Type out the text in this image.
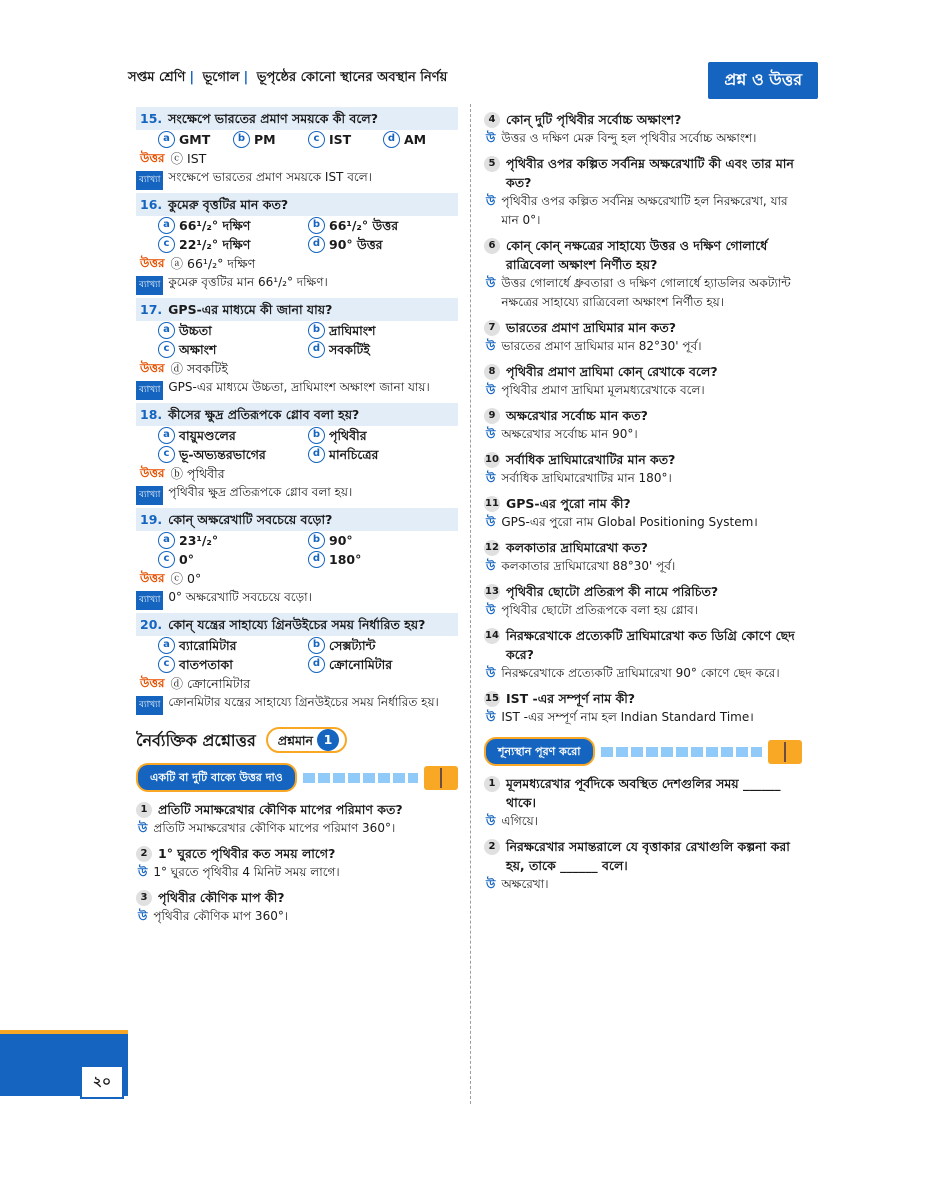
সপ্তম শ্রেণি | ভূগোল | ভূপৃষ্ঠের কোনো স্থানের অবস্থান নির্ণয়	প্রশ্ন ও উত্তর
15. সংক্ষেপে ভারতের প্রমাণ সময়কে কী বলে?
a GMT	b PM	c IST	d AM
উত্তর ⓒ IST
ব্যাখ্যা সংক্ষেপে ভারতের প্রমাণ সময়কে IST বলে।
16. কুমেরু বৃত্তটির মান কত?
a 66¹/₂° দক্ষিণ	b 66¹/₂° উত্তর
c 22¹/₂° দক্ষিণ	d 90° উত্তর
উত্তর ⓐ 66¹/₂° দক্ষিণ
ব্যাখ্যা কুমেরু বৃত্তটির মান 66¹/₂° দক্ষিণ।
17. GPS-এর মাধ্যমে কী জানা যায়?
a উচ্চতা	b দ্রাঘিমাংশ
c অক্ষাংশ	d সবকটিই
উত্তর ⓓ সবকটিই
ব্যাখ্যা GPS-এর মাধ্যমে উচ্চতা, দ্রাঘিমাংশ অক্ষাংশ জানা যায়।
18. কীসের ক্ষুদ্র প্রতিরূপকে গ্লোব বলা হয়?
a বায়ুমণ্ডলের	b পৃথিবীর
c ভূ-অভ্যন্তরভাগের	d মানচিত্রের
উত্তর ⓑ পৃথিবীর
ব্যাখ্যা পৃথিবীর ক্ষুদ্র প্রতিরূপকে গ্লোব বলা হয়।
19. কোন্ অক্ষরেখাটি সবচেয়ে বড়ো?
a 23¹/₂°	b 90°
c 0°	d 180°
উত্তর ⓒ 0°
ব্যাখ্যা 0° অক্ষরেখাটি সবচেয়ে বড়ো।
20. কোন্ যন্ত্রের সাহায্যে গ্রিনউইচের সময় নির্ধারিত হয়?
a ব্যারোমিটার	b সেক্সট্যান্ট
c বাতপতাকা	d ক্রোনোমিটার
উত্তর ⓓ ক্রোনোমিটার
ব্যাখ্যা ক্রোনমিটার যন্ত্রের সাহায্যে গ্রিনউইচের সময় নির্ধারিত হয়।
নৈর্ব্যক্তিক প্রশ্নোত্তর প্রশ্নমান 1
একটি বা দুটি বাক্যে উত্তর দাও
1 প্রতিটি সমাক্ষরেখার কৌণিক মাপের পরিমাণ কত?
উ প্রতিটি সমাক্ষরেখার কৌণিক মাপের পরিমাণ 360°।
2 1° ঘুরতে পৃথিবীর কত সময় লাগে?
উ 1° ঘুরতে পৃথিবীর 4 মিনিট সময় লাগে।
3 পৃথিবীর কৌণিক মাপ কী?
উ পৃথিবীর কৌণিক মাপ 360°।
4 কোন্ দুটি পৃথিবীর সর্বোচ্চ অক্ষাংশ?
উ উত্তর ও দক্ষিণ মেরু বিন্দু হল পৃথিবীর সর্বোচ্চ অক্ষাংশ।
5 পৃথিবীর ওপর কল্পিত সর্বনিম্ন অক্ষরেখাটি কী এবং তার মান কত?
উ পৃথিবীর ওপর কল্পিত সর্বনিম্ন অক্ষরেখাটি হল নিরক্ষরেখা, যার মান 0°।
6 কোন্ কোন্ নক্ষত্রের সাহায্যে উত্তর ও দক্ষিণ গোলার্ধে রাত্রিবেলা অক্ষাংশ নির্ণীত হয়?
উ উত্তর গোলার্ধে ধ্রুবতারা ও দক্ষিণ গোলার্ধে হ্যাডলির অকট্যান্ট নক্ষত্রের সাহায্যে রাত্রিবেলা অক্ষাংশ নির্ণীত হয়।
7 ভারতের প্রমাণ দ্রাঘিমার মান কত?
উ ভারতের প্রমাণ দ্রাঘিমার মান 82°30' পূর্ব।
8 পৃথিবীর প্রমাণ দ্রাঘিমা কোন্ রেখাকে বলে?
উ পৃথিবীর প্রমাণ দ্রাঘিমা মূলমধ্যরেখাকে বলে।
9 অক্ষরেখার সর্বোচ্চ মান কত?
উ অক্ষরেখার সর্বোচ্চ মান 90°।
10 সর্বাধিক দ্রাঘিমারেখাটির মান কত?
উ সর্বাধিক দ্রাঘিমারেখাটির মান 180°।
11 GPS-এর পুরো নাম কী?
উ GPS-এর পুরো নাম Global Positioning System।
12 কলকাতার দ্রাঘিমারেখা কত?
উ কলকাতার দ্রাঘিমারেখা 88°30' পূর্ব।
13 পৃথিবীর ছোটো প্রতিরূপ কী নামে পরিচিত?
উ পৃথিবীর ছোটো প্রতিরূপকে বলা হয় গ্লোব।
14 নিরক্ষরেখাকে প্রত্যেকটি দ্রাঘিমারেখা কত ডিগ্রি কোণে ছেদ করে?
উ নিরক্ষরেখাকে প্রত্যেকটি দ্রাঘিমারেখা 90° কোণে ছেদ করে।
15 IST -এর সম্পূর্ণ নাম কী?
উ IST -এর সম্পূর্ণ নাম হল Indian Standard Time।
শূন্যস্থান পূরণ করো
1 মূলমধ্যরেখার পূর্বদিকে অবস্থিত দেশগুলির সময় ______ থাকে।
উ এগিয়ে।
2 নিরক্ষরেখার সমান্তরালে যে বৃত্তাকার রেখাগুলি কল্পনা করা হয়, তাকে ______ বলে।
উ অক্ষরেখা।
২০
